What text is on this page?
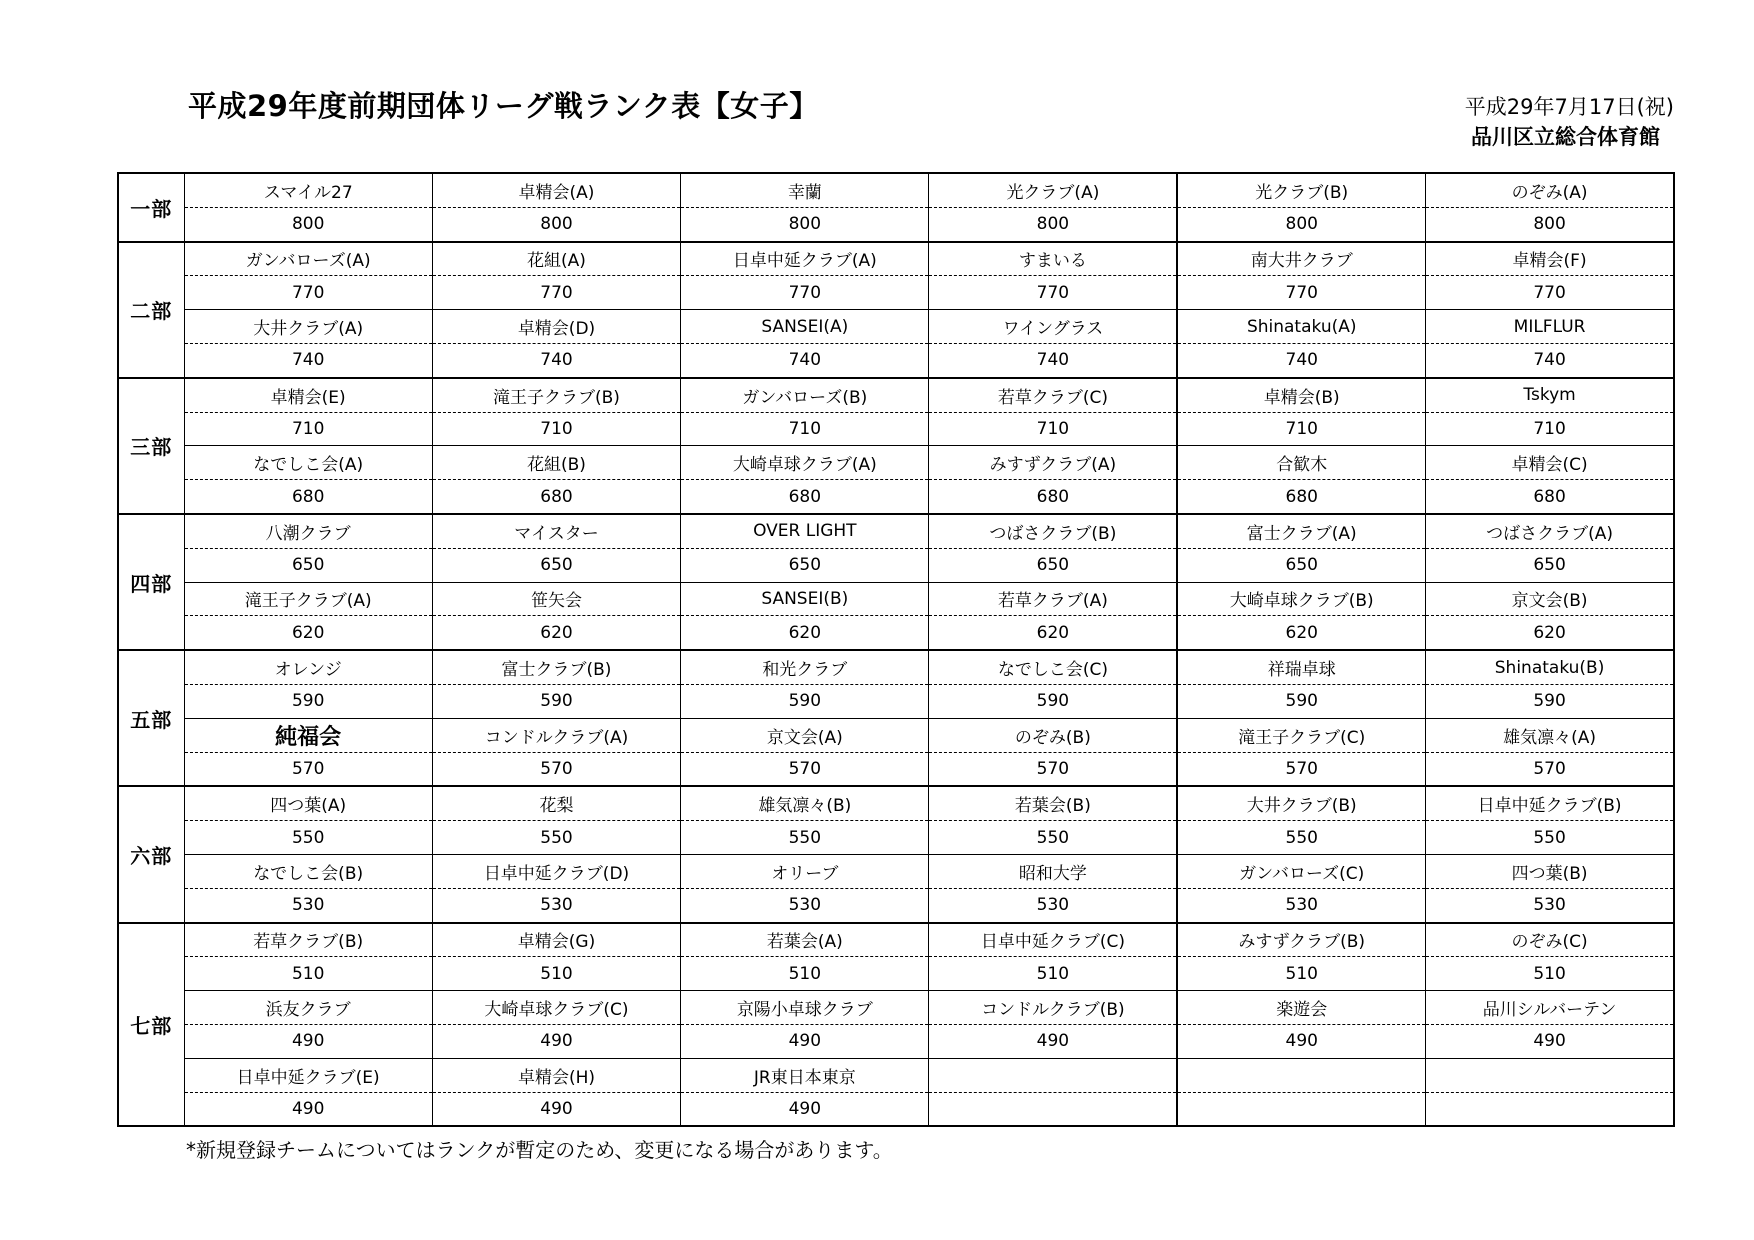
平成29年度前期団体リーグ戦ランク表【女子】	平成29年7月17日(祝)
品川区立総合体育館
一部	スマイル27	卓精会(A)	幸蘭	光クラブ(A)	光クラブ(B)	のぞみ(A)
	800	800	800	800	800	800
二部	ガンバローズ(A)	花組(A)	日卓中延クラブ(A)	すまいる	南大井クラブ	卓精会(F)
	770	770	770	770	770	770
	大井クラブ(A)	卓精会(D)	SANSEI(A)	ワイングラス	Shinataku(A)	MILFLUR
	740	740	740	740	740	740
三部	卓精会(E)	滝王子クラブ(B)	ガンバローズ(B)	若草クラブ(C)	卓精会(B)	Tskym
	710	710	710	710	710	710
	なでしこ会(A)	花組(B)	大崎卓球クラブ(A)	みすずクラブ(A)	合歓木	卓精会(C)
	680	680	680	680	680	680
四部	八潮クラブ	マイスター	OVER LIGHT	つばさクラブ(B)	富士クラブ(A)	つばさクラブ(A)
	650	650	650	650	650	650
	滝王子クラブ(A)	笹矢会	SANSEI(B)	若草クラブ(A)	大崎卓球クラブ(B)	京文会(B)
	620	620	620	620	620	620
五部	オレンジ	富士クラブ(B)	和光クラブ	なでしこ会(C)	祥瑞卓球	Shinataku(B)
	590	590	590	590	590	590
	純福会	コンドルクラブ(A)	京文会(A)	のぞみ(B)	滝王子クラブ(C)	雄気凛々(A)
	570	570	570	570	570	570
六部	四つ葉(A)	花梨	雄気凛々(B)	若葉会(B)	大井クラブ(B)	日卓中延クラブ(B)
	550	550	550	550	550	550
	なでしこ会(B)	日卓中延クラブ(D)	オリーブ	昭和大学	ガンバローズ(C)	四つ葉(B)
	530	530	530	530	530	530
七部	若草クラブ(B)	卓精会(G)	若葉会(A)	日卓中延クラブ(C)	みすずクラブ(B)	のぞみ(C)
	510	510	510	510	510	510
	浜友クラブ	大崎卓球クラブ(C)	京陽小卓球クラブ	コンドルクラブ(B)	楽遊会	品川シルバーテン
	490	490	490	490	490	490
	日卓中延クラブ(E)	卓精会(H)	JR東日本東京			
	490	490	490			
*新規登録チームについてはランクが暫定のため、変更になる場合があります。
